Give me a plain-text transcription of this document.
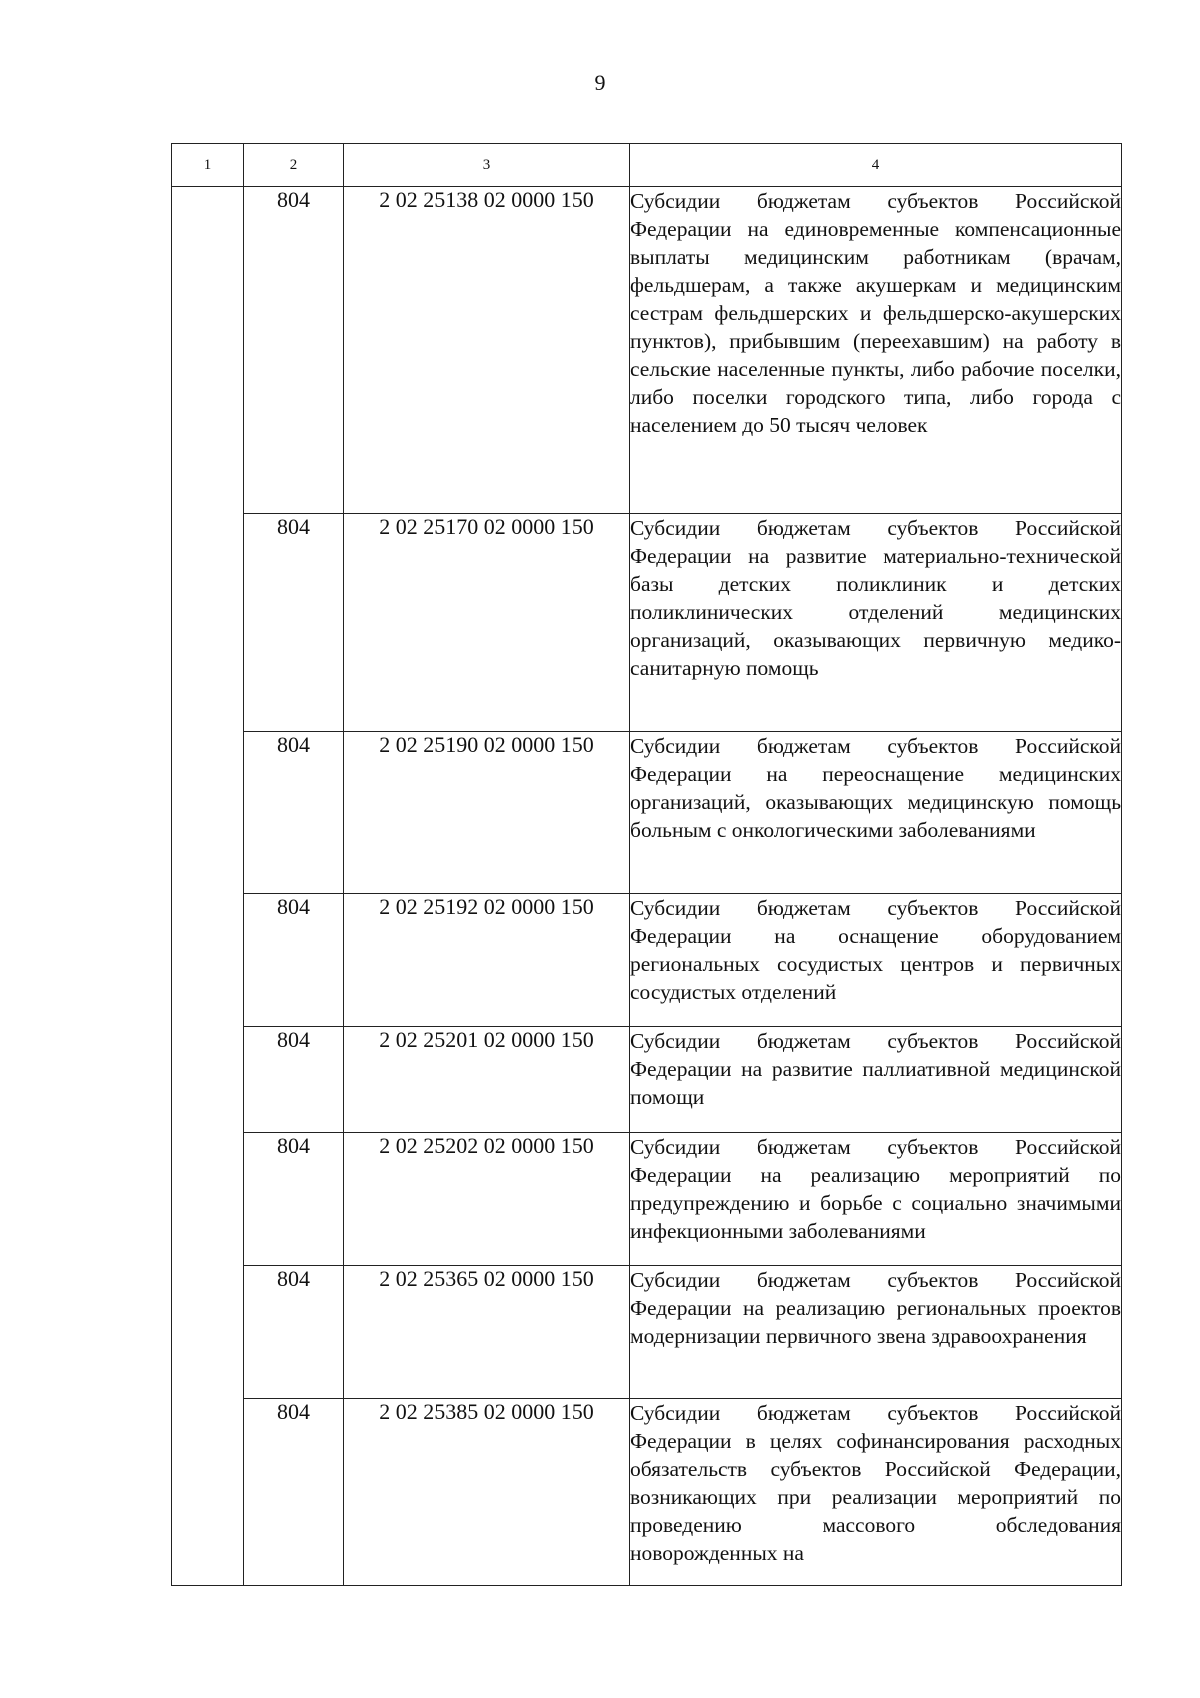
9
1	2	3	4
	804	2 02 25138 02 0000 150	Субсидии бюджетам субъектов Российской Федерации на единовременные компенсационные выплаты медицинским работникам (врачам, фельдшерам, а также акушеркам и медицинским сестрам фельдшерских и фельдшерско-акушерских пунктов), прибывшим (переехавшим) на работу в сельские населенные пункты, либо рабочие поселки, либо поселки городского типа, либо города с населением до 50 тысяч человек
	804	2 02 25170 02 0000 150	Субсидии бюджетам субъектов Российской Федерации на развитие материально-технической базы детских поликлиник и детских поликлинических отделений медицинских организаций, оказывающих первичную медико-санитарную помощь
	804	2 02 25190 02 0000 150	Субсидии бюджетам субъектов Российской Федерации на переоснащение медицинских организаций, оказывающих медицинскую помощь больным с онкологическими заболеваниями
	804	2 02 25192 02 0000 150	Субсидии бюджетам субъектов Российской Федерации на оснащение оборудованием региональных сосудистых центров и первичных сосудистых отделений
	804	2 02 25201 02 0000 150	Субсидии бюджетам субъектов Российской Федерации на развитие паллиативной медицинской помощи
	804	2 02 25202 02 0000 150	Субсидии бюджетам субъектов Российской Федерации на реализацию мероприятий по предупреждению и борьбе с социально значимыми инфекционными заболеваниями
	804	2 02 25365 02 0000 150	Субсидии бюджетам субъектов Российской Федерации на реализацию региональных проектов модернизации первичного звена здравоохранения
	804	2 02 25385 02 0000 150	Субсидии бюджетам субъектов Российской Федерации в целях софинансирования расходных обязательств субъектов Российской Федерации, возникающих при реализации мероприятий по проведению массового обследования новорожденных на
